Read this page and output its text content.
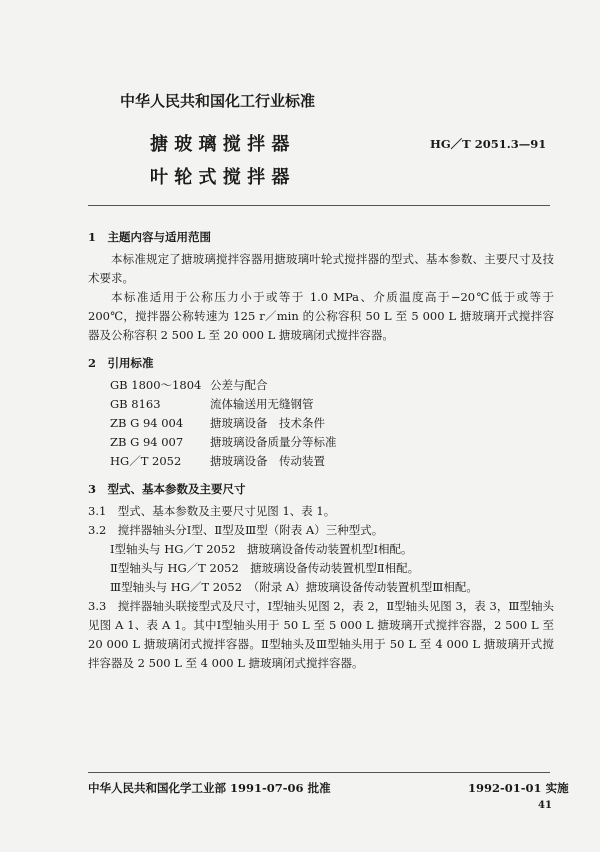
中华人民共和国化工行业标准
搪 玻 璃 搅 拌 器
叶 轮 式 搅 拌 器
HG／T 2051.3—91
1　主题内容与适用范围
本标准规定了搪玻璃搅拌容器用搪玻璃叶轮式搅拌器的型式、基本参数、主要尺寸及技术要求。
本标准适用于公称压力小于或等于 1.0 MPa、介质温度高于−20℃低于或等于 200℃，搅拌器公称转速为 125 r／min 的公称容积 50 L 至 5 000 L 搪玻璃开式搅拌容器及公称容积 2 500 L 至 20 000 L 搪玻璃闭式搅拌容器。
2　引用标准
GB 1800～1804 公差与配合
GB 8163	流体输送用无缝钢管
ZB G 94 004 搪玻璃设备　技术条件
ZB G 94 007 搪玻璃设备质量分等标准
HG／T 2052 搪玻璃设备　传动装置
3　型式、基本参数及主要尺寸
3.1　型式、基本参数及主要尺寸见图 1、表 1。
3.2　搅拌器轴头分Ⅰ型、Ⅱ型及Ⅲ型（附表 A）三种型式。
Ⅰ型轴头与 HG／T 2052　搪玻璃设备传动装置机型Ⅰ相配。
Ⅱ型轴头与 HG／T 2052　搪玻璃设备传动装置机型Ⅱ相配。
Ⅲ型轴头与 HG／T 2052　（附录 A）搪玻璃设备传动装置机型Ⅲ相配。
3.3　搅拌器轴头联接型式及尺寸，Ⅰ型轴头见图 2，表 2，Ⅱ型轴头见图 3，表 3，Ⅲ型轴头见图 A 1、表 A 1。其中Ⅰ型轴头用于 50 L 至 5 000 L 搪玻璃开式搅拌容器，2 500 L 至 20 000 L 搪玻璃闭式搅拌容器。Ⅱ型轴头及Ⅲ型轴头用于 50 L 至 4 000 L 搪玻璃开式搅拌容器及 2 500 L 至 4 000 L 搪玻璃闭式搅拌容器。
中华人民共和国化学工业部 1991-07-06 批准	1992-01-01 实施
41
